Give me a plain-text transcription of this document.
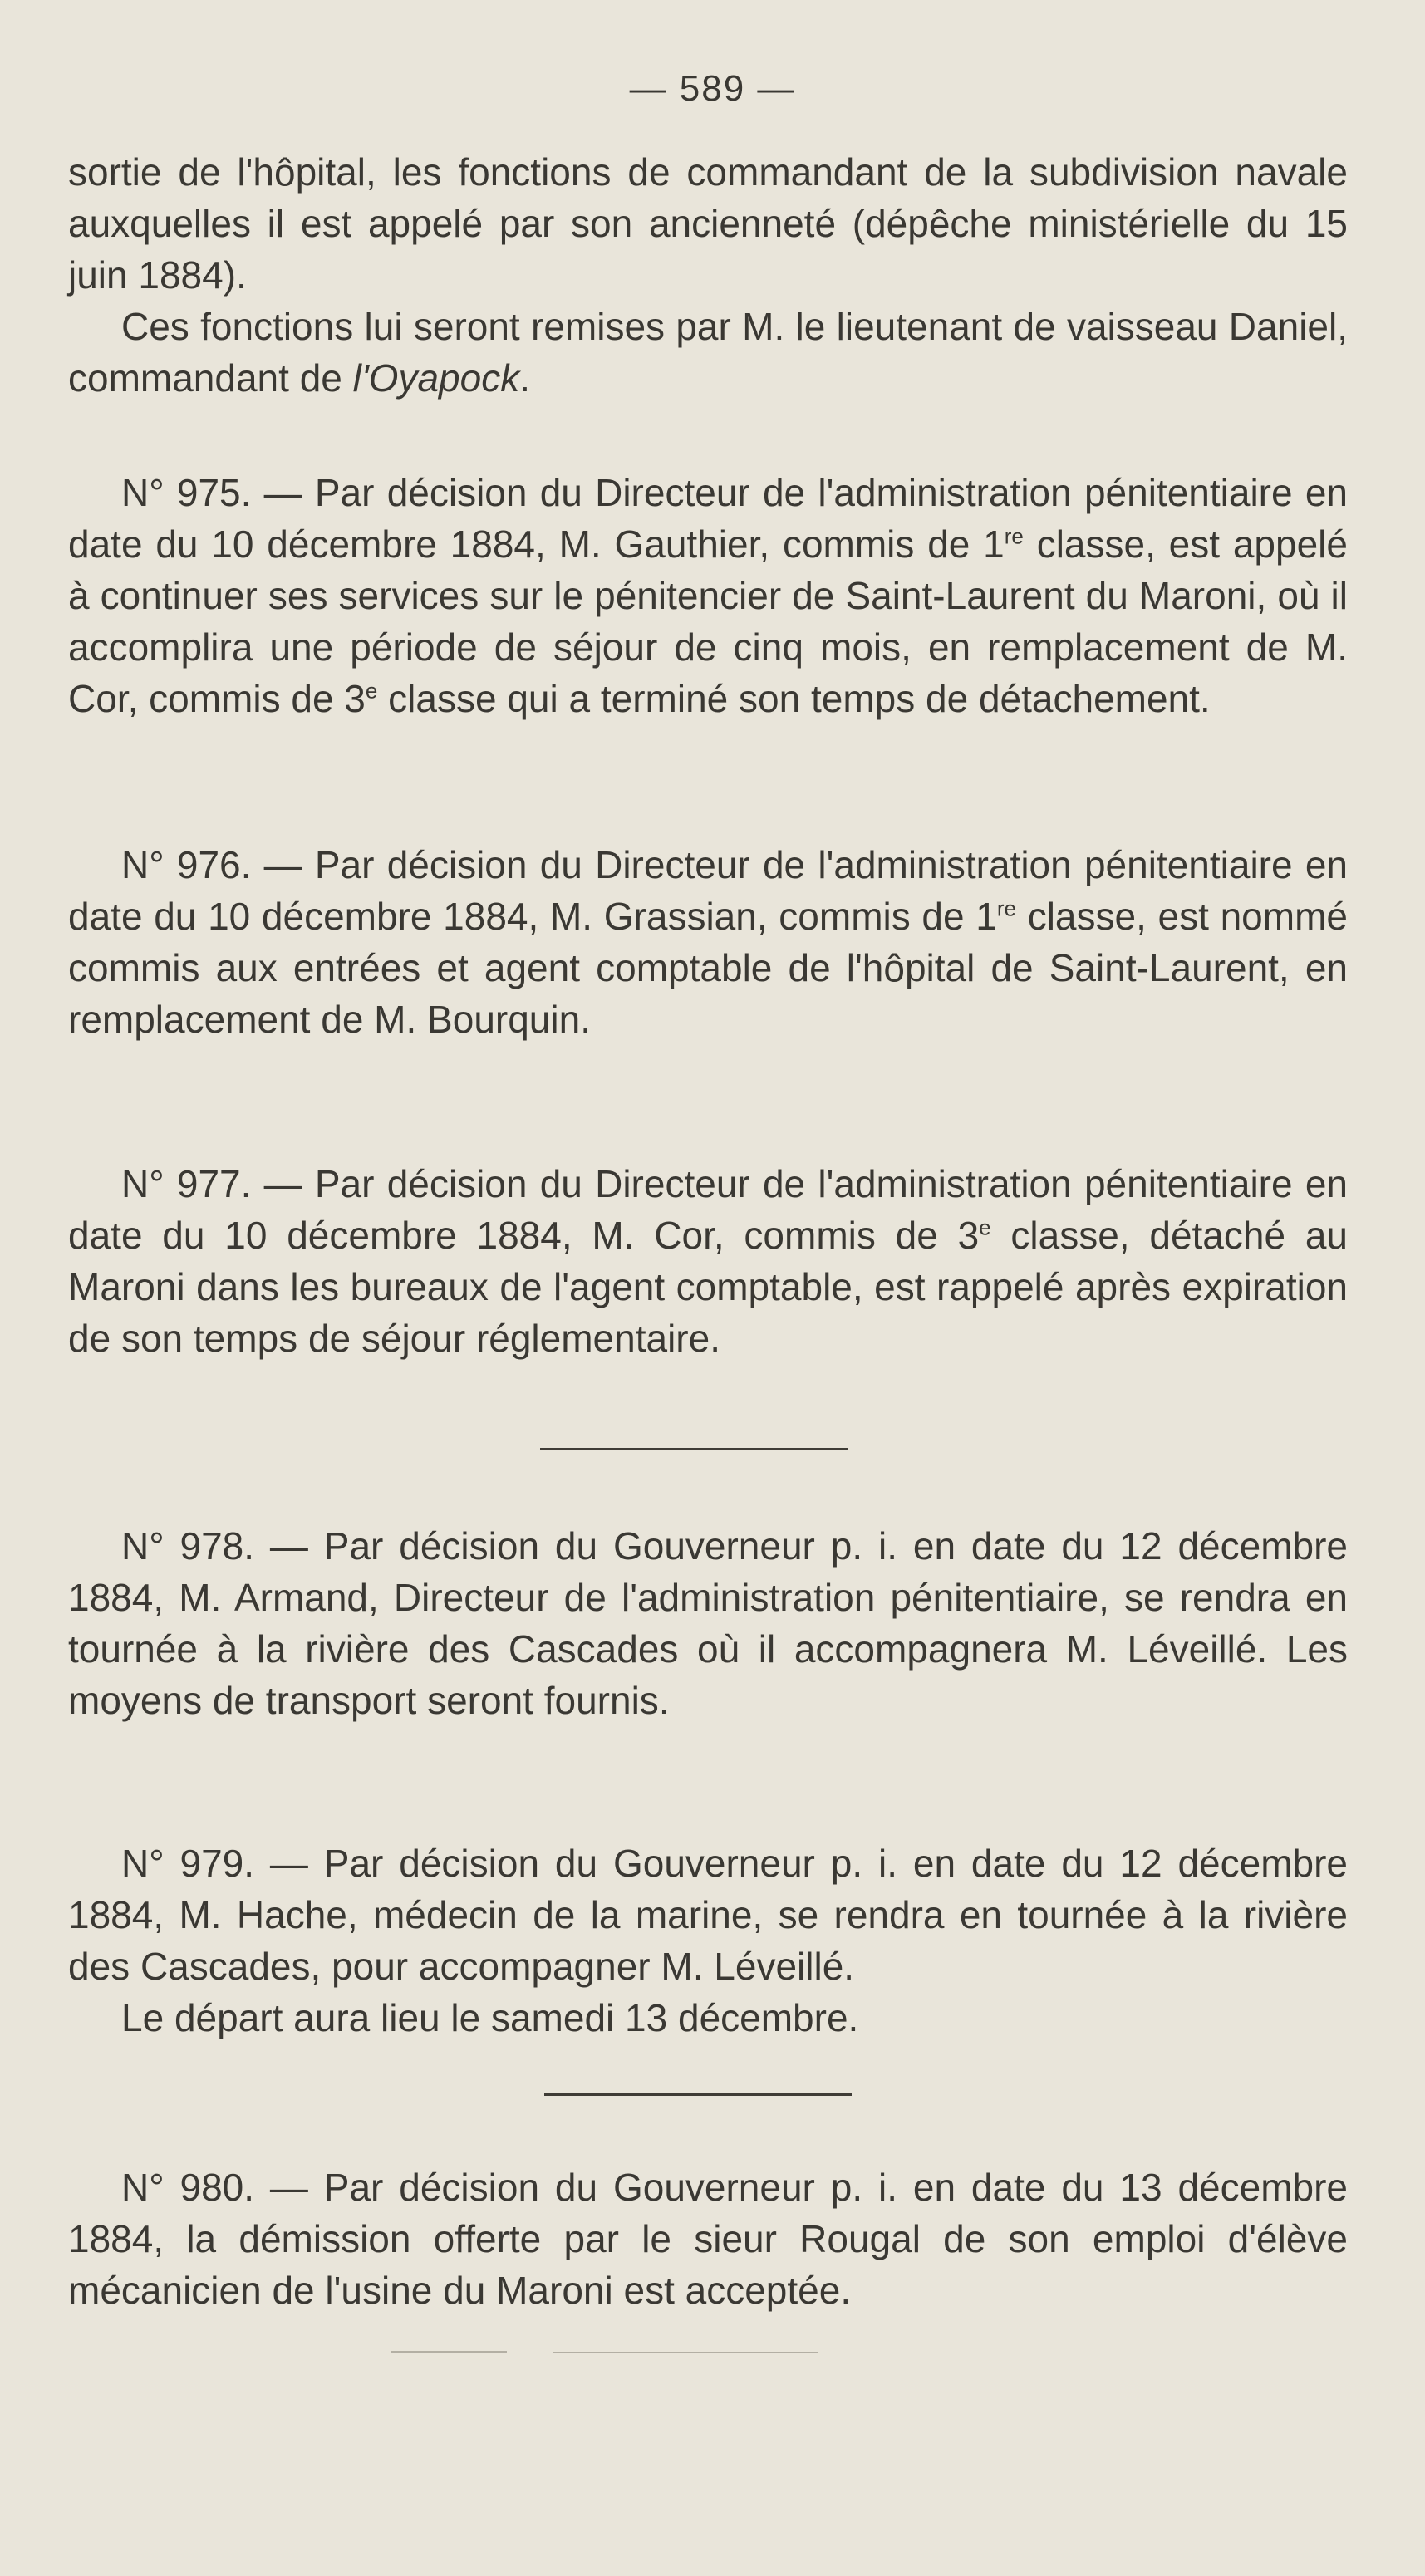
— 589 —

sortie de l'hôpital, les fonctions de commandant de la subdivision navale auxquelles il est appelé par son ancienneté (dépêche ministérielle du 15 juin 1884).

Ces fonctions lui seront remises par M. le lieutenant de vaisseau Daniel, commandant de l'Oyapock.

N° 975. — Par décision du Directeur de l'administration pénitentiaire en date du 10 décembre 1884, M. Gauthier, commis de 1re classe, est appelé à continuer ses services sur le pénitencier de Saint-Laurent du Maroni, où il accomplira une période de séjour de cinq mois, en remplacement de M. Cor, commis de 3e classe qui a terminé son temps de détachement.

N° 976. — Par décision du Directeur de l'administration pénitentiaire en date du 10 décembre 1884, M. Grassian, commis de 1re classe, est nommé commis aux entrées et agent comptable de l'hôpital de Saint-Laurent, en remplacement de M. Bourquin.

N° 977. — Par décision du Directeur de l'administration pénitentiaire en date du 10 décembre 1884, M. Cor, commis de 3e classe, détaché au Maroni dans les bureaux de l'agent comptable, est rappelé après expiration de son temps de séjour réglementaire.

N° 978. — Par décision du Gouverneur p. i. en date du 12 décembre 1884, M. Armand, Directeur de l'administration pénitentiaire, se rendra en tournée à la rivière des Cascades où il accompagnera M. Léveillé. Les moyens de transport seront fournis.

N° 979. — Par décision du Gouverneur p. i. en date du 12 décembre 1884, M. Hache, médecin de la marine, se rendra en tournée à la rivière des Cascades, pour accompagner M. Léveillé.

Le départ aura lieu le samedi 13 décembre.

N° 980. — Par décision du Gouverneur p. i. en date du 13 décembre 1884, la démission offerte par le sieur Rougal de son emploi d'élève mécanicien de l'usine du Maroni est acceptée.
